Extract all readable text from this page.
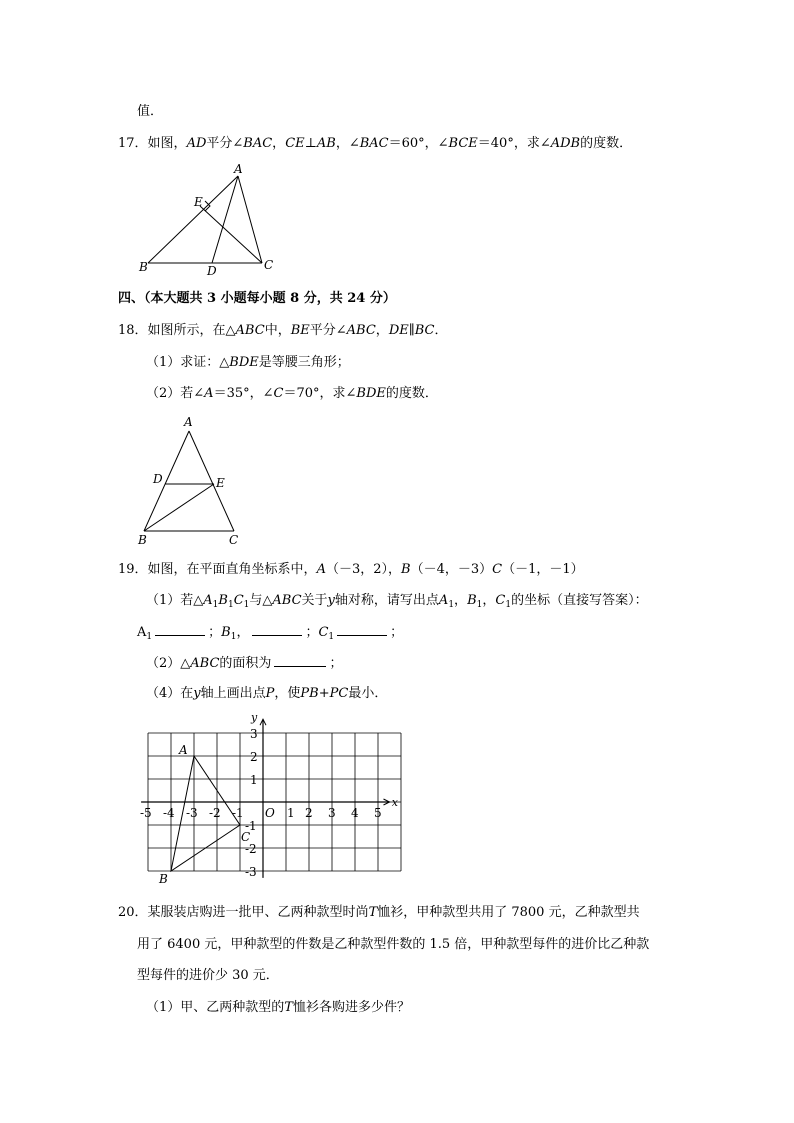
值．
17．如图，AD平分∠BAC，CE⊥AB，∠BAC＝60°，∠BCE＝40°，求∠ADB的度数．
A
E
B	D	C
四、（本大题共 3 小题每小题 8 分，共 24 分）
18．如图所示，在△ABC中，BE平分∠ABC，DE∥BC．
（1）求证：△BDE是等腰三角形；
（2）若∠A＝35°，∠C＝70°，求∠BDE的度数．
A
D	E
B	C
19．如图，在平面直角坐标系中，A（－3，2），B（－4，－3）C（－1，－1）
（1）若$\triangle A_1B_1C_1$与△ABC关于y轴对称，请写出点$A_1$，$B_1$，$C_1$的坐标（直接写答案）：
$A_1$	；$B_1$，	；$C_1$	；
（2）△ABC的面积为	；
（4）在y轴上画出点P，使PB+PC最小．
x
y
O
-5 -4 -3 -2 -1	1 2 3 4 5
3
2
1
-1
-2
-3
A
B
C
20．某服装店购进一批甲、乙两种款型时尚T恤衫，甲种款型共用了 7800 元，乙种款型共
用了 6400 元，甲种款型的件数是乙种款型件数的 1.5 倍，甲种款型每件的进价比乙种款
型每件的进价少 30 元．
（1）甲、乙两种款型的T恤衫各购进多少件？
